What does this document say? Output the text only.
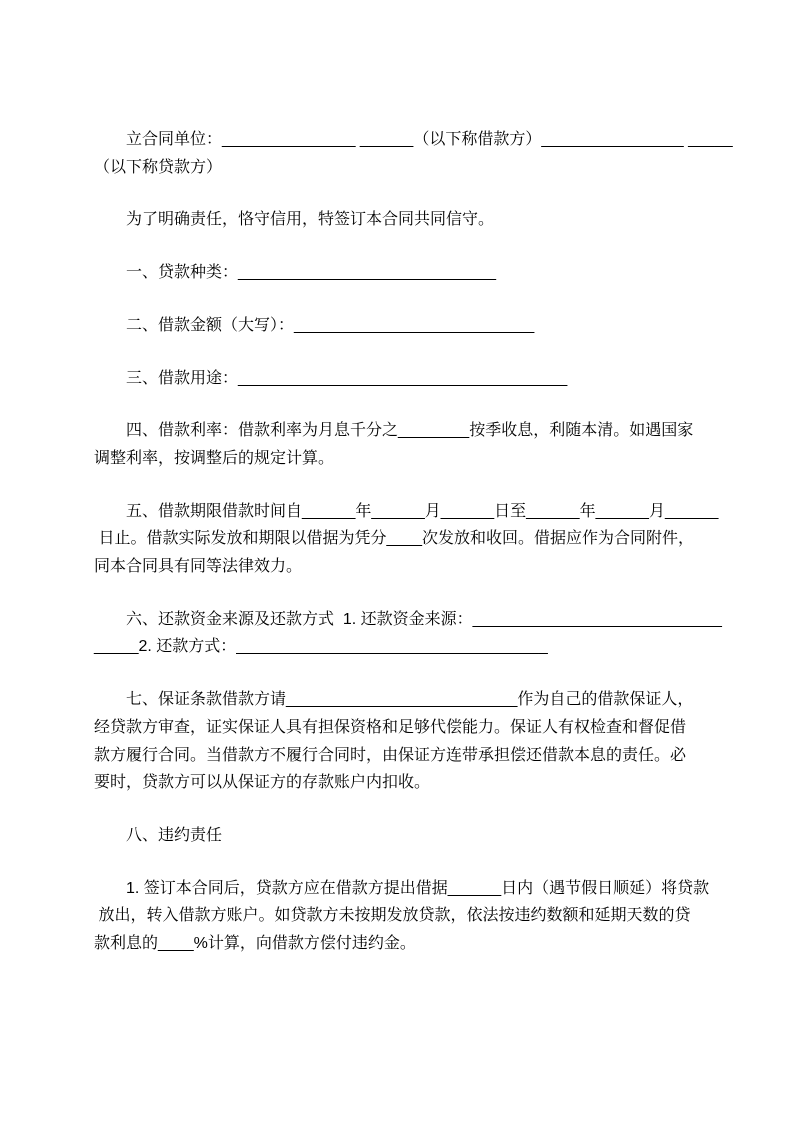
立合同单位：_______________ ______（以下称借款方）________________ _____
（以下称贷款方）
为了明确责任，恪守信用，特签订本合同共同信守。
一、贷款种类：_____________________________
二、借款金额（大写）：___________________________
三、借款用途：_____________________________________
四、借款利率：借款利率为月息千分之________按季收息，利随本清。如遇国家
调整利率，按调整后的规定计算。
五、借款期限借款时间自______年______月______日至______年______月______
日止。借款实际发放和期限以借据为凭分____次发放和收回。借据应作为合同附件，
同本合同具有同等法律效力。
六、还款资金来源及还款方式  1. 还款资金来源：____________________________
_____2. 还款方式：___________________________________
七、保证条款借款方请__________________________作为自己的借款保证人，
经贷款方审查，证实保证人具有担保资格和足够代偿能力。保证人有权检查和督促借
款方履行合同。当借款方不履行合同时，由保证方连带承担偿还借款本息的责任。必
要时，贷款方可以从保证方的存款账户内扣收。
八、违约责任
1. 签订本合同后，贷款方应在借款方提出借据______日内（遇节假日顺延）将贷款
放出，转入借款方账户。如贷款方未按期发放贷款，依法按违约数额和延期天数的贷
款利息的____%计算，向借款方偿付违约金。
